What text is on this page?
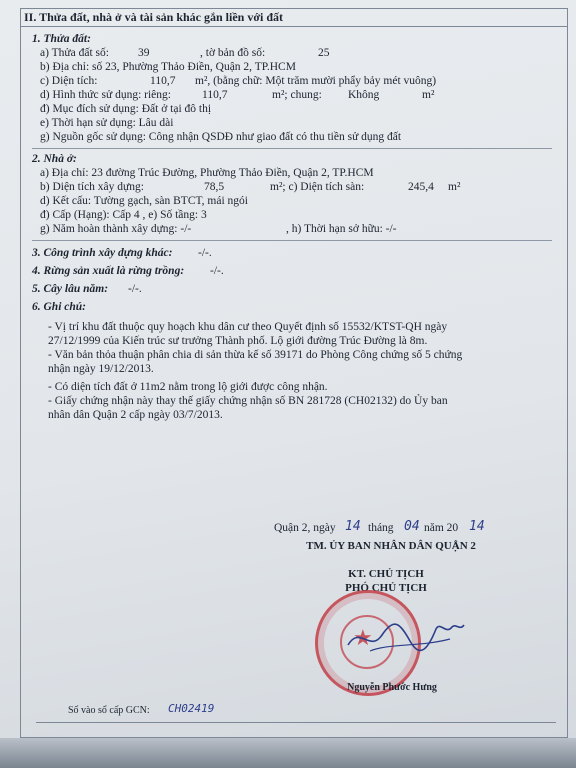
II. Thửa đất, nhà ở và tài sản khác gắn liền với đất
1. Thửa đất:
a) Thửa đất số:	39	, tờ bản đồ số:	25
b) Địa chỉ: số 23, Phường Thảo Điền, Quận 2, TP.HCM
c) Diện tích:	110,7 m², (bằng chữ: Một trăm mười phẩy bảy mét vuông)
d) Hình thức sử dụng: riêng:	110,7	m²; chung: Không	m²
đ) Mục đích sử dụng: Đất ở tại đô thị
e) Thời hạn sử dụng: Lâu dài
g) Nguồn gốc sử dụng: Công nhận QSDĐ như giao đất có thu tiền sử dụng đất
2. Nhà ở:
a) Địa chỉ: 23 đường Trúc Đường, Phường Thảo Điền, Quận 2, TP.HCM
b) Diện tích xây dựng:	78,5	m²; c) Diện tích sàn:	245,4 m²
d) Kết cấu: Tường gạch, sàn BTCT, mái ngói
đ) Cấp (Hạng): Cấp 4 , e) Số tầng: 3
g) Năm hoàn thành xây dựng: -/-	, h) Thời hạn sở hữu: -/-
3. Công trình xây dựng khác: -/-.
4. Rừng sản xuất là rừng trồng: -/-.
5. Cây lâu năm: -/-.
6. Ghi chú:
- Vị trí khu đất thuộc quy hoạch khu dân cư theo Quyết định số 15532/KTST-QH ngày
27/12/1999 của Kiến trúc sư trưởng Thành phố. Lộ giới đường Trúc Đường là 8m.
- Văn bản thỏa thuận phân chia di sản thừa kế số 39171 do Phòng Công chứng số 5 chứng
nhận ngày 19/12/2013.
- Có diện tích đất ở 11m2 nằm trong lộ giới được công nhận.
- Giấy chứng nhận này thay thế giấy chứng nhận số BN 281728 (CH02132) do Ủy ban
nhân dân Quận 2 cấp ngày 03/7/2013.
Quận 2, ngày 14 tháng 04 năm 20 14
TM. ỦY BAN NHÂN DÂN QUẬN 2
KT. CHỦ TỊCH
PHÓ CHỦ TỊCH
★
Nguyễn Phước Hưng
Số vào sổ cấp GCN: CH02419
